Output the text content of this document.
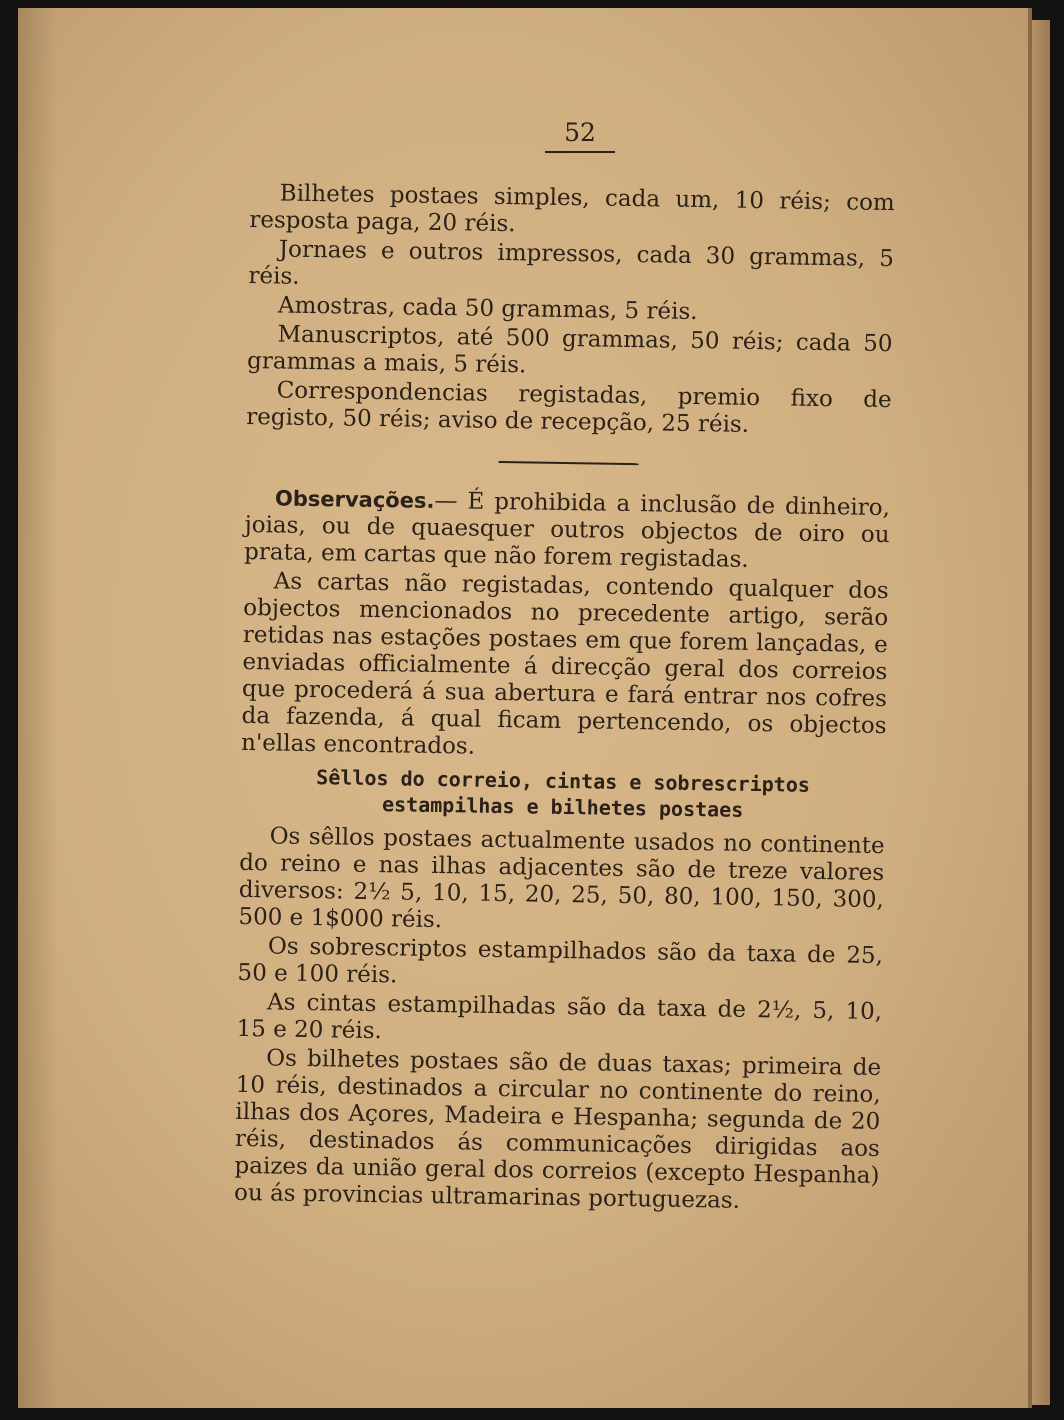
52

Bilhetes postaes simples, cada um, 10 réis; com resposta paga, 20 réis.

Jornaes e outros impressos, cada 30 grammas, 5 réis.

Amostras, cada 50 grammas, 5 réis.

Manuscriptos, até 500 grammas, 50 réis; cada 50 grammas a mais, 5 réis.

Correspondencias registadas, premio fixo de registo, 50 réis; aviso de recepção, 25 réis.

Observações.— É prohibida a inclusão de dinheiro, joias, ou de quaesquer outros objectos de oiro ou prata, em cartas que não forem registadas.

As cartas não registadas, contendo qualquer dos objectos mencionados no precedente artigo, serão retidas nas estações postaes em que forem lançadas, e enviadas officialmente á direcção geral dos correios que procederá á sua abertura e fará entrar nos cofres da fazenda, á qual ficam pertencendo, os objectos n'ellas encontrados.

Sêllos do correio, cintas e sobrescriptos
estampilhas e bilhetes postaes

Os sêllos postaes actualmente usados no continente do reino e nas ilhas adjacentes são de treze valores diversos: 2½ 5, 10, 15, 20, 25, 50, 80, 100, 150, 300, 500 e 1$000 réis.

Os sobrescriptos estampilhados são da taxa de 25, 50 e 100 réis.

As cintas estampilhadas são da taxa de 2½, 5, 10, 15 e 20 réis.

Os bilhetes postaes são de duas taxas; primeira de 10 réis, destinados a circular no continente do reino, ilhas dos Açores, Madeira e Hespanha; segunda de 20 réis, destinados ás communicações dirigidas aos paizes da união geral dos correios (excepto Hespanha) ou ás provincias ultramarinas portuguezas.
